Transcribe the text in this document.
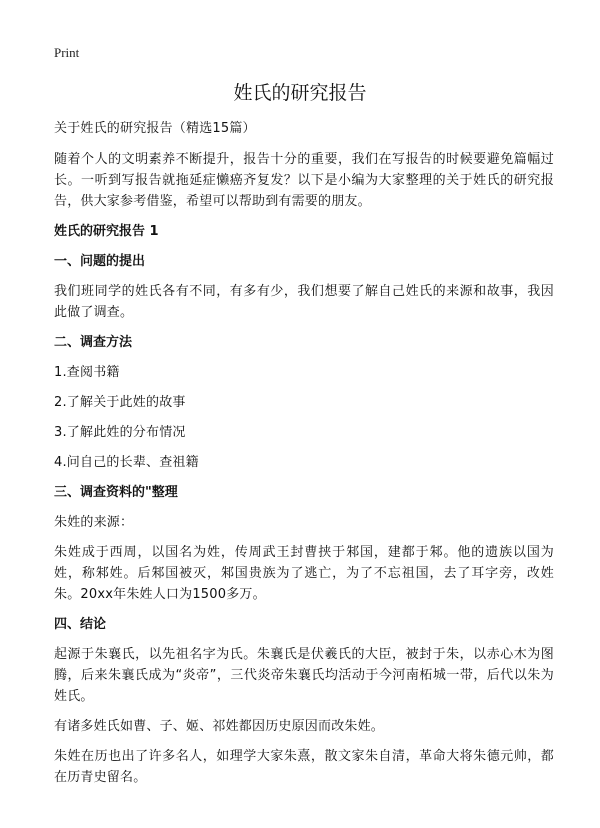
Print
姓氏的研究报告

关于姓氏的研究报告（精选15篇）

随着个人的文明素养不断提升，报告十分的重要，我们在写报告的时候要避免篇幅过长。一听到写报告就拖延症懒癌齐复发？以下是小编为大家整理的关于姓氏的研究报告，供大家参考借鉴，希望可以帮助到有需要的朋友。

姓氏的研究报告 1

一、问题的提出

我们班同学的姓氏各有不同，有多有少，我们想要了解自己姓氏的来源和故事，我因此做了调查。

二、调查方法

1.查阅书籍

2.了解关于此姓的故事

3.了解此姓的分布情况

4.问自己的长辈、查祖籍

三、调查资料的"整理

朱姓的来源：

朱姓成于西周，以国名为姓，传周武王封曹挟于邾国，建都于邾。他的遗族以国为姓，称邾姓。后邾国被灭，邾国贵族为了逃亡，为了不忘祖国，去了耳字旁，改姓朱。20xx年朱姓人口为1500多万。

四、结论

起源于朱襄氏，以先祖名字为氏。朱襄氏是伏羲氏的大臣，被封于朱，以赤心木为图腾，后来朱襄氏成为“炎帝”，三代炎帝朱襄氏均活动于今河南柘城一带，后代以朱为姓氏。

有诸多姓氏如曹、子、姬、祁姓都因历史原因而改朱姓。

朱姓在历也出了许多名人，如理学大家朱熹，散文家朱自清，革命大将朱德元帅，都在历青史留名。
